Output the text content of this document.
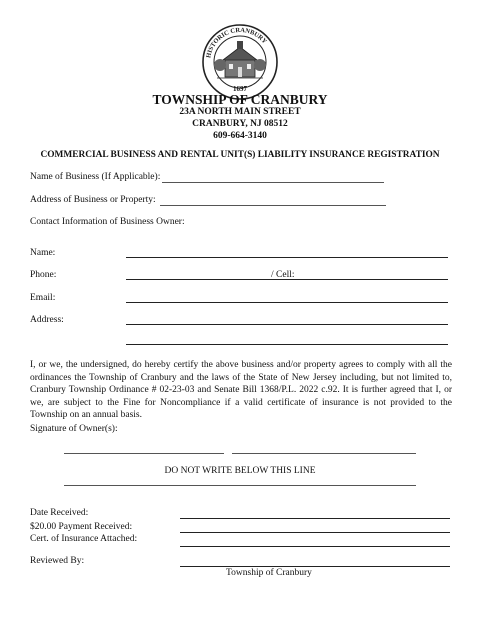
HISTORIC CRANBURY
1697
TOWNSHIP OF CRANBURY
23A NORTH MAIN STREET
CRANBURY, NJ 08512
609-664-3140
COMMERCIAL BUSINESS AND RENTAL UNIT(S) LIABILITY INSURANCE REGISTRATION
Name of Business (If Applicable):
Address of Business or Property:
Contact Information of Business Owner:
Name:
Phone:	/ Cell:
Email:
Address:

I, or we, the undersigned, do hereby certify the above business and/or property agrees to comply with all the ordinances the Township of Cranbury and the laws of the State of New Jersey including, but not limited to, Cranbury Township Ordinance # 02-23-03 and Senate Bill 1368/P.L. 2022 c.92. It is further agreed that I, or we, are subject to the Fine for Noncompliance if a valid certificate of insurance is not provided to the Township on an annual basis.

Signature of Owner(s):
DO NOT WRITE BELOW THIS LINE
Date Received:
$20.00 Payment Received:
Cert. of Insurance Attached:
Reviewed By:
Township of Cranbury
